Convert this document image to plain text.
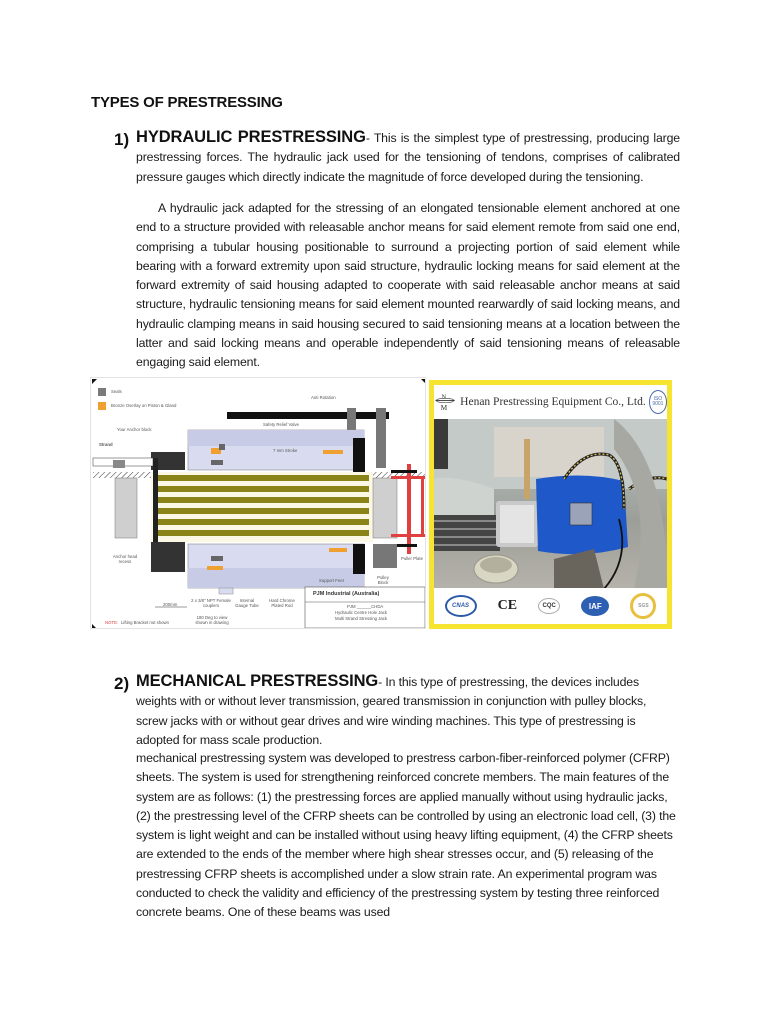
TYPES OF PRESTRESSING
1) HYDRAULIC PRESTRESSING- This is the simplest type of prestressing, producing large prestressing forces. The hydraulic jack used for the tensioning of tendons, comprises of calibrated pressure gauges which directly indicate the magnitude of force developed during the tensioning.
A hydraulic jack adapted for the stressing of an elongated tensionable element anchored at one end to a structure provided with releasable anchor means for said element remote from said one end, comprising a tubular housing positionable to surround a projecting portion of said element while bearing with a forward extremity upon said structure, hydraulic locking means for said element at the forward extremity of said housing adapted to cooperate with said releasable anchor means at said structure, hydraulic tensioning means for said element mounted rearwardly of said locking means, and hydraulic clamping means in said housing secured to said tensioning means at a location between the latter and said locking means and operable independently of said tensioning means of releasable engaging said element.
Seals
Bronze Overlay on Piston & Gland
Anti Rotation
Safety Relief Valve
Your Anchor block
Strand
7 mm Stroke
Anchor head recess
200mm
2 x 3/8" NPT Female couplers
180 Deg to view shown in drawing
Internal Gauge Tube
Hard Chrome Plated Rod
Support Feet
Pulley Block
Puller Plate
NOTE: Lifting Bracket not shown
PJM Industrial (Australia)
PJM ______CHDA
Hydraulic Centre Hole Jack
Multi Strand Stressing Jack
N
M Henan Prestressing Equipment Co., Ltd.	ISO 9001
CNAS	CE	CQC	IAF	SGS
2) MECHANICAL PRESTRESSING- In this type of prestressing, the devices includes weights with or without lever transmission, geared transmission in conjunction with pulley blocks, screw jacks with or without gear drives and wire winding machines. This type of prestressing is adopted for mass scale production.
mechanical prestressing system was developed to prestress carbon-fiber-reinforced polymer (CFRP) sheets. The system is used for strengthening reinforced concrete members. The main features of the system are as follows: (1) the prestressing forces are applied manually without using hydraulic jacks, (2) the prestressing level of the CFRP sheets can be controlled by using an electronic load cell, (3) the system is light weight and can be installed without using heavy lifting equipment, (4) the CFRP sheets are extended to the ends of the member where high shear stresses occur, and (5) releasing of the prestressing CFRP sheets is accomplished under a slow strain rate. An experimental program was conducted to check the validity and efficiency of the prestressing system by testing three reinforced concrete beams. One of these beams was used
